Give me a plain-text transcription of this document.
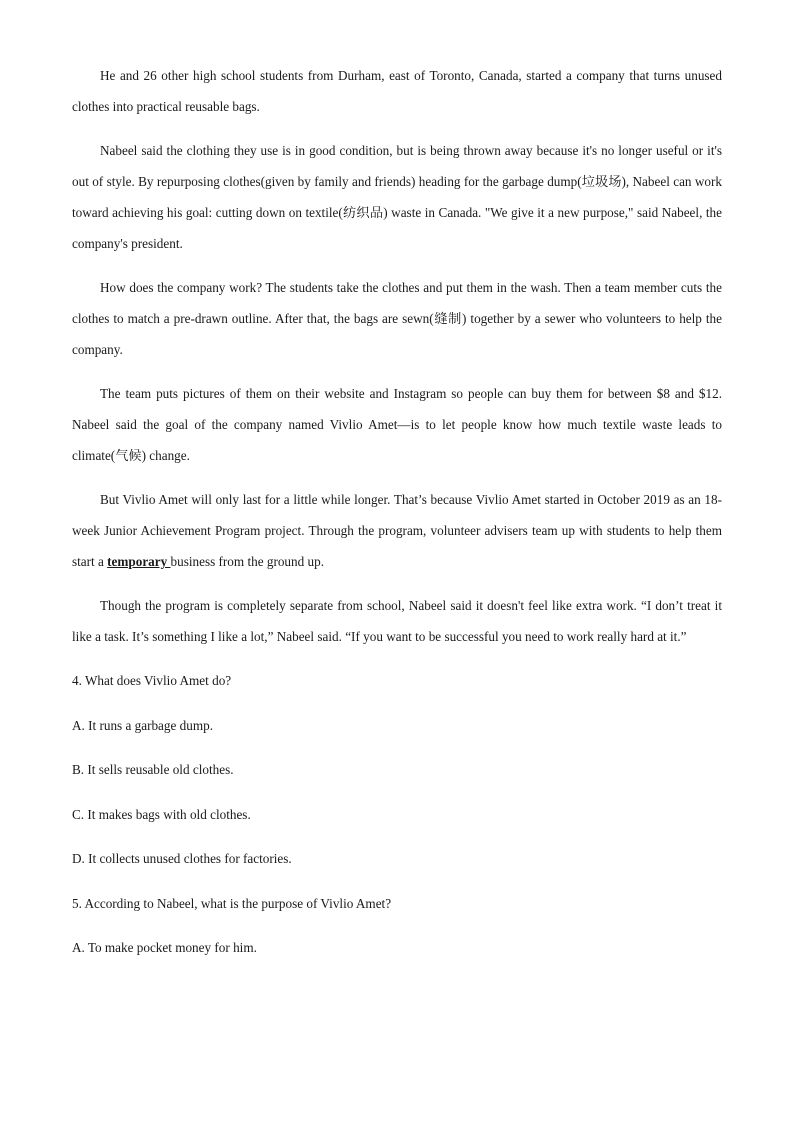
He and 26 other high school students from Durham, east of Toronto, Canada, started a company that turns unused clothes into practical reusable bags.

Nabeel said the clothing they use is in good condition, but is being thrown away because it's no longer useful or it's out of style. By repurposing clothes(given by family and friends) heading for the garbage dump(垃圾场), Nabeel can work toward achieving his goal: cutting down on textile(纺织品) waste in Canada. "We give it a new purpose," said Nabeel, the company's president.

How does the company work? The students take the clothes and put them in the wash. Then a team member cuts the clothes to match a pre-drawn outline. After that, the bags are sewn(缝制) together by a sewer who volunteers to help the company.

The team puts pictures of them on their website and Instagram so people can buy them for between $8 and $12. Nabeel said the goal of the company named Vivlio Amet—is to let people know how much textile waste leads to climate(气候) change.

But Vivlio Amet will only last for a little while longer. That’s because Vivlio Amet started in October 2019 as an 18-week Junior Achievement Program project. Through the program, volunteer advisers team up with students to help them start a temporary business from the ground up.

Though the program is completely separate from school, Nabeel said it doesn't feel like extra work. “I don’t treat it like a task. It’s something I like a lot,” Nabeel said. “If you want to be successful you need to work really hard at it.”

4. What does Vivlio Amet do?

A. It runs a garbage dump.

B. It sells reusable old clothes.

C. It makes bags with old clothes.

D. It collects unused clothes for factories.

5. According to Nabeel, what is the purpose of Vivlio Amet?

A. To make pocket money for him.
